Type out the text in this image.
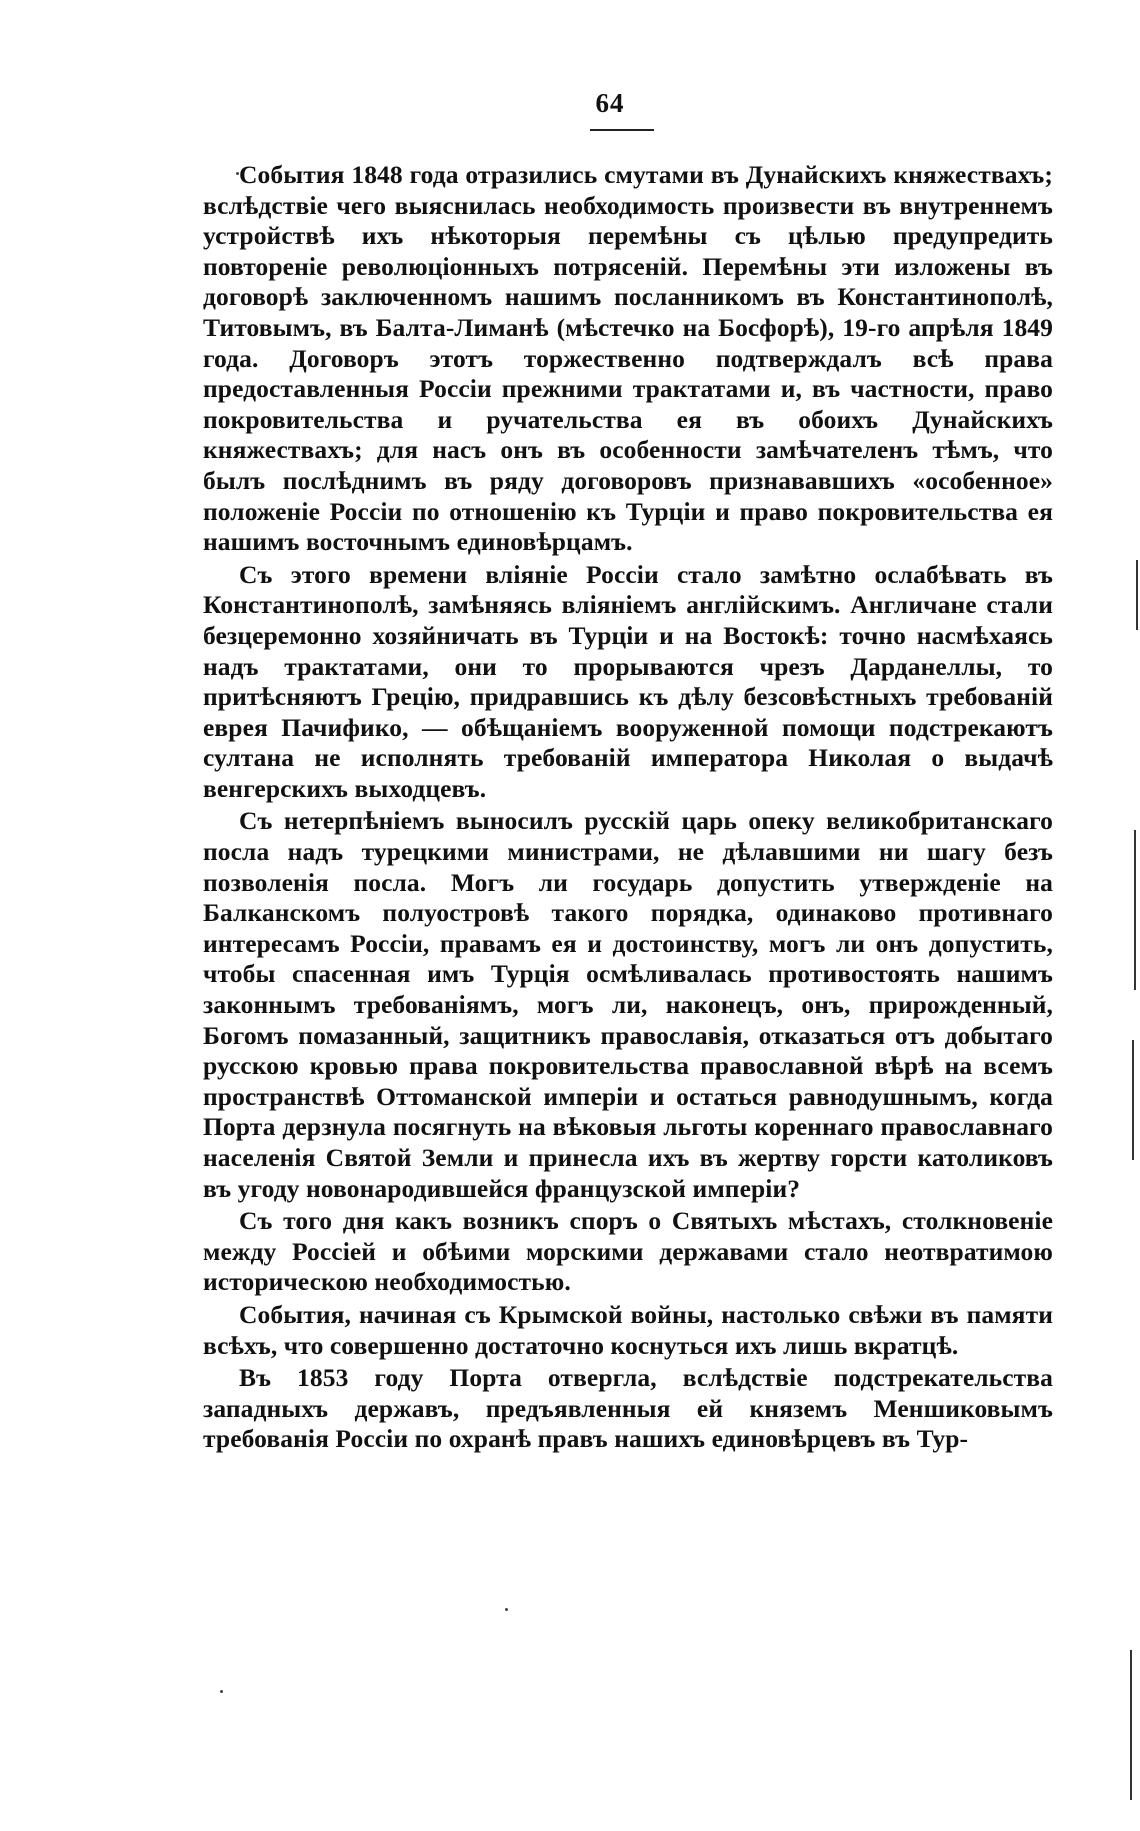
64

События 1848 года отразились смутами въ Дунайскихъ княжествахъ; вслѣдствіе чего выяснилась необходимость произвести въ внутреннемъ устройствѣ ихъ нѣкоторыя перемѣны съ цѣлью предупредить повтореніе революціонныхъ потрясеній. Перемѣны эти изложены въ договорѣ заключенномъ нашимъ посланникомъ въ Константинополѣ, Титовымъ, въ Балта-Лиманѣ (мѣстечко на Босфорѣ), 19-го апрѣля 1849 года. Договоръ этотъ торжественно подтверждалъ всѣ права предоставленныя Россіи прежними трактатами и, въ частности, право покровительства и ручательства ея въ обоихъ Дунайскихъ княжествахъ; для насъ онъ въ особенности замѣчателенъ тѣмъ, что былъ послѣднимъ въ ряду договоровъ признававшихъ «особенное» положеніе Россіи по отношенію къ Турціи и право покровительства ея нашимъ восточнымъ единовѣрцамъ.

Съ этого времени вліяніе Россіи стало замѣтно ослабѣвать въ Константинополѣ, замѣняясь вліяніемъ англійскимъ. Англичане стали безцеремонно хозяйничать въ Турціи и на Востокѣ: точно насмѣхаясь надъ трактатами, они то прорываются чрезъ Дарданеллы, то притѣсняютъ Грецію, придравшись къ дѣлу безсовѣстныхъ требованій еврея Пачифико, — обѣщаніемъ вооруженной помощи подстрекаютъ султана не исполнять требованій императора Николая о выдачѣ венгерскихъ выходцевъ.

Съ нетерпѣніемъ выносилъ русскій царь опеку великобританскаго посла надъ турецкими министрами, не дѣлавшими ни шагу безъ позволенія посла. Могъ ли государь допустить утвержденіе на Балканскомъ полуостровѣ такого порядка, одинаково противнаго интересамъ Россіи, правамъ ея и достоинству, могъ ли онъ допустить, чтобы спасенная имъ Турція осмѣливалась противостоять нашимъ законнымъ требованіямъ, могъ ли, наконецъ, онъ, прирожденный, Богомъ помазанный, защитникъ православія, отказаться отъ добытаго русскою кровью права покровительства православной вѣрѣ на всемъ пространствѣ Оттоманской имперіи и остаться равнодушнымъ, когда Порта дерзнула посягнуть на вѣковыя льготы кореннаго православнаго населенія Святой Земли и принесла ихъ въ жертву горсти католиковъ въ угоду новонародившейся французской имперіи?

Съ того дня какъ возникъ споръ о Святыхъ мѣстахъ, столкновеніе между Россіей и обѣими морскими державами стало неотвратимою историческою необходимостью.

События, начиная съ Крымской войны, настолько свѣжи въ памяти всѣхъ, что совершенно достаточно коснуться ихъ лишь вкратцѣ.

Въ 1853 году Порта отвергла, вслѣдствіе подстрекательства западныхъ державъ, предъявленныя ей княземъ Меншиковымъ требованія Россіи по охранѣ правъ нашихъ единовѣрцевъ въ Тур-
